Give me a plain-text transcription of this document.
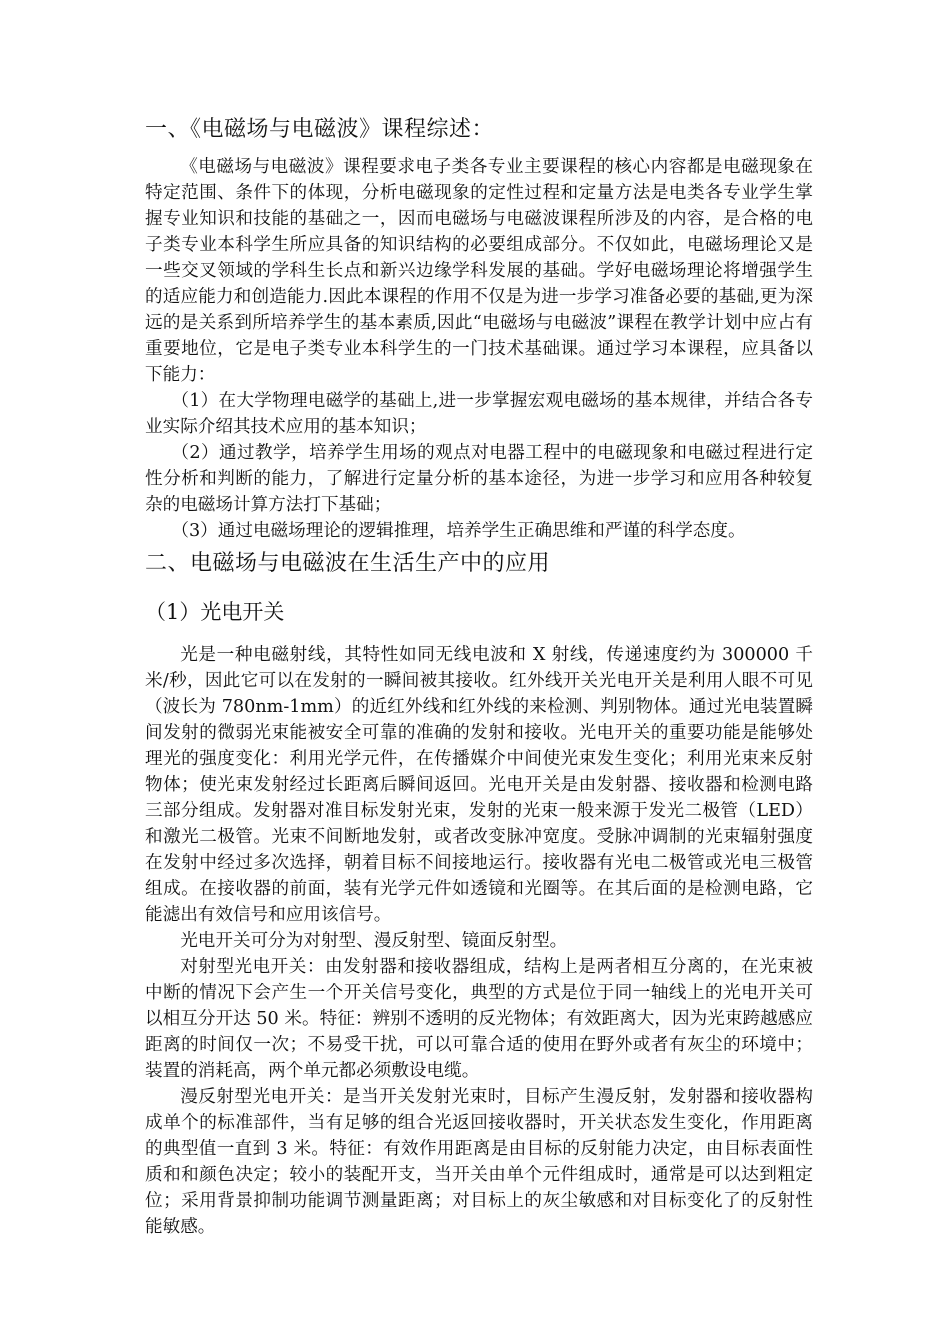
一、《电磁场与电磁波》课程综述：

《电磁场与电磁波》课程要求电子类各专业主要课程的核心内容都是电磁现象在特定范围、条件下的体现，分析电磁现象的定性过程和定量方法是电类各专业学生掌握专业知识和技能的基础之一，因而电磁场与电磁波课程所涉及的内容，是合格的电子类专业本科学生所应具备的知识结构的必要组成部分。不仅如此，电磁场理论又是一些交叉领域的学科生长点和新兴边缘学科发展的基础。学好电磁场理论将增强学生的适应能力和创造能力.因此本课程的作用不仅是为进一步学习准备必要的基础,更为深远的是关系到所培养学生的基本素质,因此“电磁场与电磁波”课程在教学计划中应占有重要地位，它是电子类专业本科学生的一门技术基础课。通过学习本课程，应具备以下能力：

（1）在大学物理电磁学的基础上,进一步掌握宏观电磁场的基本规律，并结合各专业实际介绍其技术应用的基本知识；

（2）通过教学，培养学生用场的观点对电器工程中的电磁现象和电磁过程进行定性分析和判断的能力，了解进行定量分析的基本途径，为进一步学习和应用各种较复杂的电磁场计算方法打下基础；

（3）通过电磁场理论的逻辑推理，培养学生正确思维和严谨的科学态度。

二、电磁场与电磁波在生活生产中的应用
（1）光电开关

光是一种电磁射线，其特性如同无线电波和 X 射线，传递速度约为 300000 千米/秒，因此它可以在发射的一瞬间被其接收。红外线开关光电开关是利用人眼不可见（波长为 780nm-1mm）的近红外线和红外线的来检测、判别物体。通过光电装置瞬间发射的微弱光束能被安全可靠的准确的发射和接收。光电开关的重要功能是能够处理光的强度变化：利用光学元件，在传播媒介中间使光束发生变化；利用光束来反射物体；使光束发射经过长距离后瞬间返回。光电开关是由发射器、接收器和检测电路三部分组成。发射器对准目标发射光束，发射的光束一般来源于发光二极管（LED）和激光二极管。光束不间断地发射，或者改变脉冲宽度。受脉冲调制的光束辐射强度在发射中经过多次选择，朝着目标不间接地运行。接收器有光电二极管或光电三极管组成。在接收器的前面，装有光学元件如透镜和光圈等。在其后面的是检测电路，它能滤出有效信号和应用该信号。

光电开关可分为对射型、漫反射型、镜面反射型。

对射型光电开关：由发射器和接收器组成，结构上是两者相互分离的，在光束被中断的情况下会产生一个开关信号变化，典型的方式是位于同一轴线上的光电开关可以相互分开达 50 米。特征：辨别不透明的反光物体；有效距离大，因为光束跨越感应距离的时间仅一次；不易受干扰，可以可靠合适的使用在野外或者有灰尘的环境中；装置的消耗高，两个单元都必须敷设电缆。

漫反射型光电开关：是当开关发射光束时，目标产生漫反射，发射器和接收器构成单个的标准部件，当有足够的组合光返回接收器时，开关状态发生变化，作用距离的典型值一直到 3 米。特征：有效作用距离是由目标的反射能力决定，由目标表面性质和和颜色决定；较小的装配开支，当开关由单个元件组成时，通常是可以达到粗定位；采用背景抑制功能调节测量距离；对目标上的灰尘敏感和对目标变化了的反射性能敏感。
